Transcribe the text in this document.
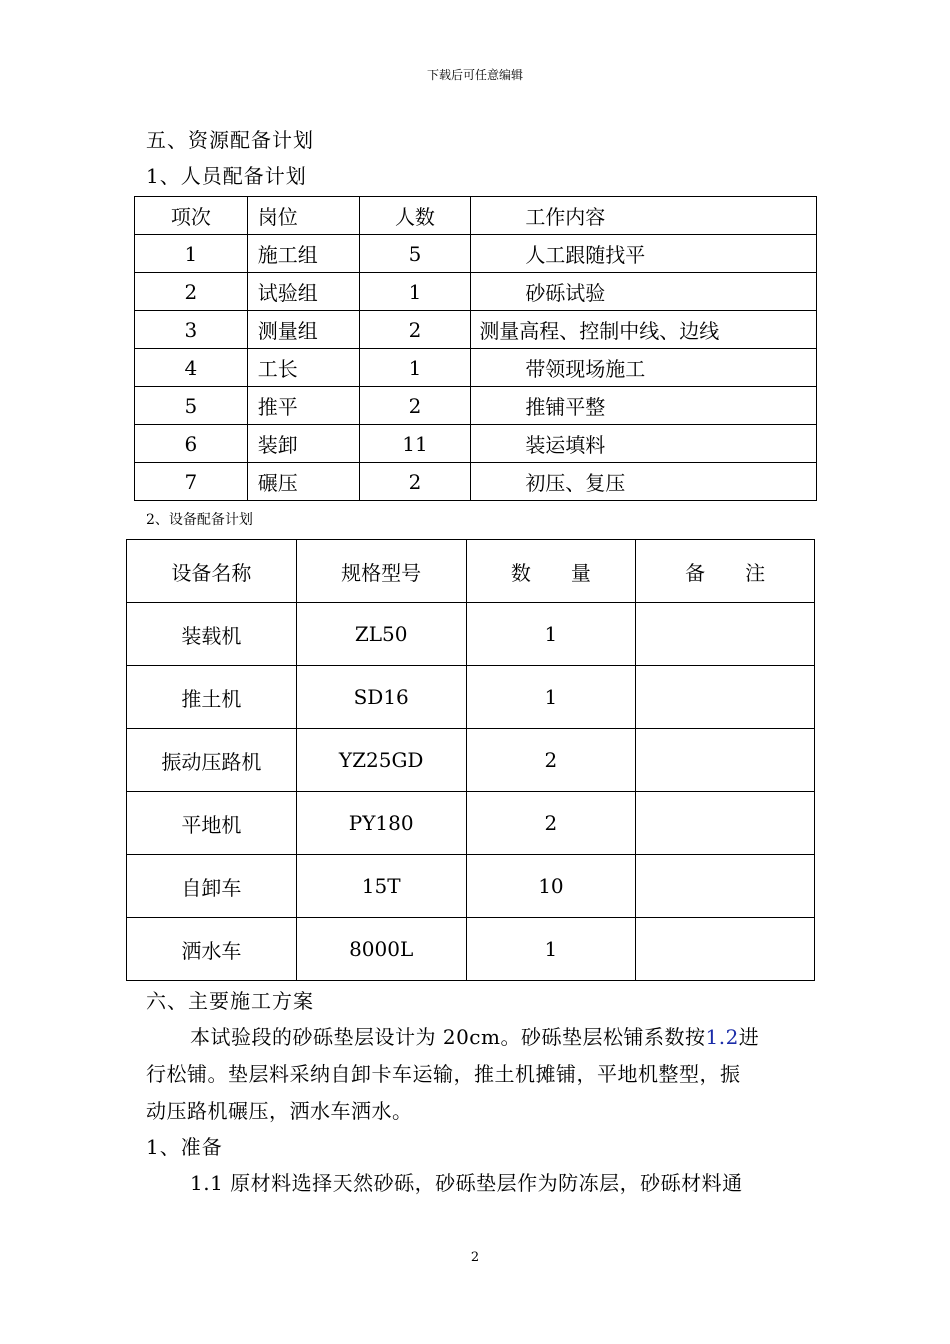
下载后可任意编辑
五、资源配备计划
1、人员配备计划
项次	岗位	人数	工作内容
1	施工组	5	人工跟随找平
2	试验组	1	砂砾试验
3	测量组	2	测量高程、控制中线、边线
4	工长	1	带领现场施工
5	推平	2	推铺平整
6	装卸	11	装运填料
7	碾压	2	初压、复压
2、设备配备计划
设备名称	规格型号	数　　量	备　　注
装载机	ZL50	1	
推土机	SD16	1	
振动压路机	YZ25GD	2	
平地机	PY180	2	
自卸车	15T	10	
洒水车	8000L	1	
六、主要施工方案
本试验段的砂砾垫层设计为 20cm。砂砾垫层松铺系数按1.2进
行松铺。垫层料采纳自卸卡车运输，推土机摊铺，平地机整型，振
动压路机碾压，洒水车洒水。
1、准备
1.1 原材料选择天然砂砾，砂砾垫层作为防冻层，砂砾材料通
2
